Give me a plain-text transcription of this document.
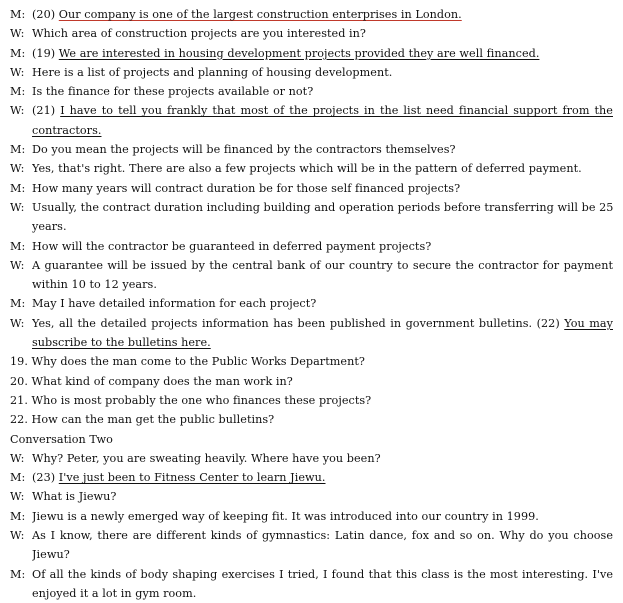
M: (20) Our company is one of the largest construction enterprises in London.
W: Which area of construction projects are you interested in?
M: (19) We are interested in housing development projects provided they are well financed.
W: Here is a list of projects and planning of housing development.
M: Is the finance for these projects available or not?
W: (21) I have to tell you frankly that most of the projects in the list need financial support from the
contractors.
M: Do you mean the projects will be financed by the contractors themselves?
W: Yes, that's right. There are also a few projects which will be in the pattern of deferred payment.
M: How many years will contract duration be for those self financed projects?
W: Usually, the contract duration including building and operation periods before transferring will be 25
years.
M: How will the contractor be guaranteed in deferred payment projects?
W: A guarantee will be issued by the central bank of our country to secure the contractor for payment
within 10 to 12 years.
M: May I have detailed information for each project?
W: Yes, all the detailed projects information has been published in government bulletins. (22) You may
subscribe to the bulletins here.
19. Why does the man come to the Public Works Department?
20. What kind of company does the man work in?
21. Who is most probably the one who finances these projects?
22. How can the man get the public bulletins?
Conversation Two
W: Why? Peter, you are sweating heavily. Where have you been?
M: (23) I've just been to Fitness Center to learn Jiewu.
W: What is Jiewu?
M: Jiewu is a newly emerged way of keeping fit. It was introduced into our country in 1999.
W: As I know, there are different kinds of gymnastics: Latin dance, fox and so on. Why do you choose
Jiewu?
M: Of all the kinds of body shaping exercises I tried, I found that this class is the most interesting. I've
enjoyed it a lot in gym room.
